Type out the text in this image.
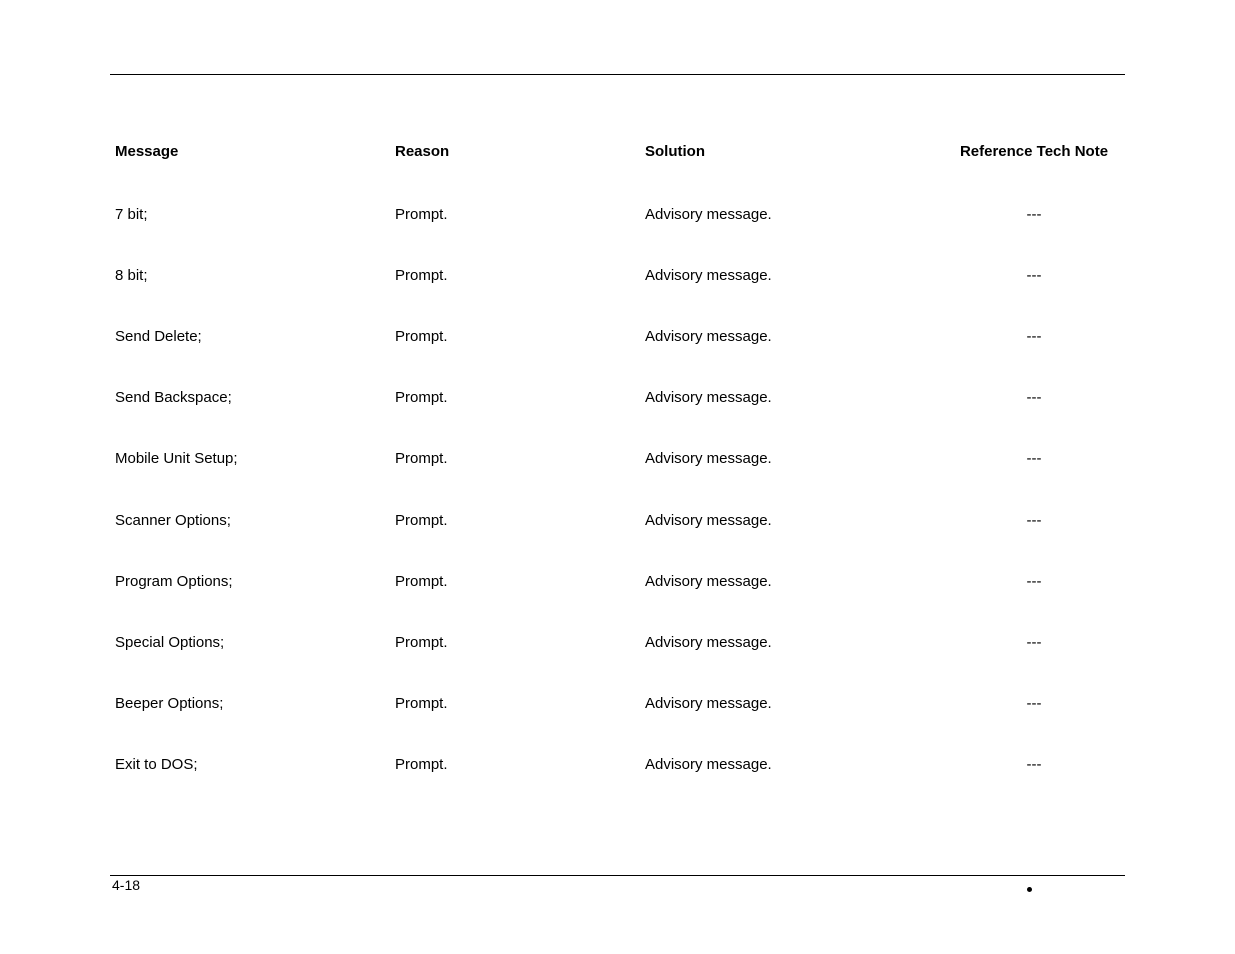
Message	Reason	Solution	Reference Tech Note
7 bit;	Prompt.	Advisory message.	---
8 bit;	Prompt.	Advisory message.	---
Send Delete;	Prompt.	Advisory message.	---
Send Backspace;	Prompt.	Advisory message.	---
Mobile Unit Setup;	Prompt.	Advisory message.	---
Scanner Options;	Prompt.	Advisory message.	---
Program Options;	Prompt.	Advisory message.	---
Special Options;	Prompt.	Advisory message.	---
Beeper Options;	Prompt.	Advisory message.	---
Exit to DOS;	Prompt.	Advisory message.	---
4-18
